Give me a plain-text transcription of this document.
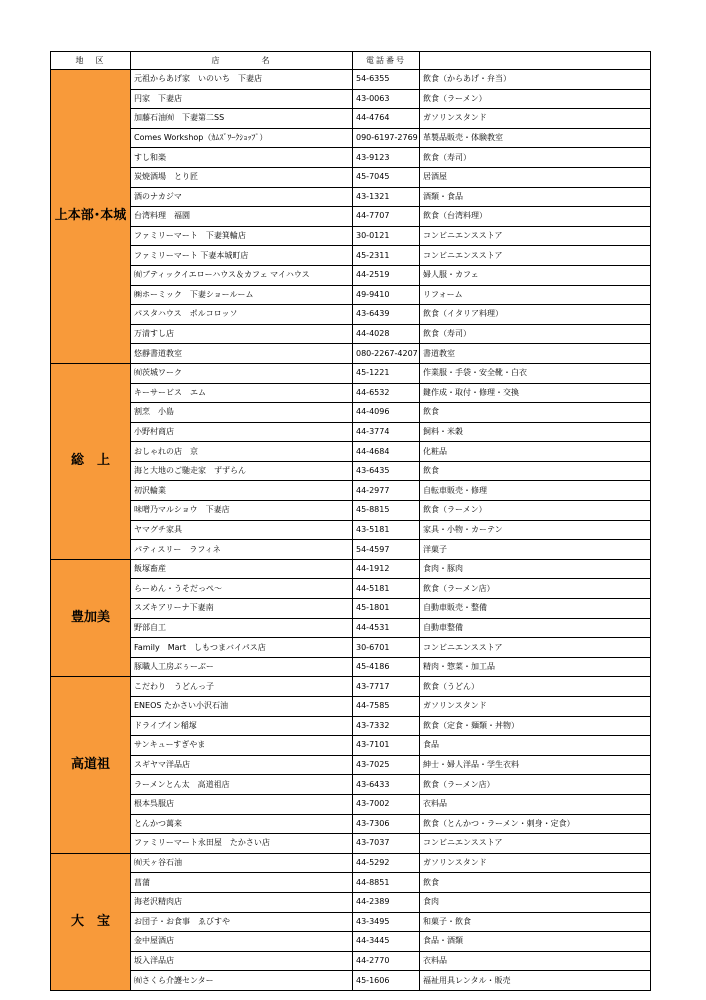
地　区	店　　　　名	電話番号	
上本部･本城	元祖からあげ家　いのいち　下妻店	54-6355	飲食（からあげ・弁当）
	円家　下妻店	43-0063	飲食（ラーメン）
	加藤石油㈲　下妻第二SS	44-4764	ガソリンスタンド
	Comes Workshop（ｶﾑｽﾞﾜｰｸｼｮｯﾌﾟ）	090-6197-2769	革製品販売・体験教室
	すし和楽	43-9123	飲食（寿司）
	炭焼酒場　とり匠	45-7045	居酒屋
	酒のナカジマ	43-1321	酒類・食品
	台湾料理　福園	44-7707	飲食（台湾料理）
	ファミリーマート　下妻箕輪店	30-0121	コンビニエンスストア
	ファミリーマート 下妻本城町店	45-2311	コンビニエンスストア
	㈲ブティックイエローハウス＆カフェ マイハウス	44-2519	婦人服・カフェ
	㈱ホーミック　下妻ショールーム	49-9410	リフォーム
	パスタハウス　ポルコロッソ	43-6439	飲食（イタリア料理）
	万清すし店	44-4028	飲食（寿司）
	悠靜書道教室	080-2267-4207	書道教室
総　上	㈲茨城ワーク	45-1221	作業服・手袋・安全靴・白衣
	キーサービス　エム	44-6532	鍵作成・取付・修理・交換
	割烹　小島	44-4096	飲食
	小野村商店	44-3774	飼料・米穀
	おしゃれの店　京	44-4684	化粧品
	海と大地のご馳走家　ずずらん	43-6435	飲食
	初沢輪業	44-2977	自転車販売・修理
	味噌乃マルショウ　下妻店	45-8815	飲食（ラーメン）
	ヤマグチ家具	43-5181	家具・小物・カーテン
	パティスリー　ラフィネ	54-4597	洋菓子
豊加美	飯塚畜産	44-1912	食肉・豚肉
	らーめん・うそだっぺ～	44-5181	飲食（ラーメン店）
	スズキアリーナ下妻南	45-1801	自動車販売・整備
	野部自工	44-4531	自動車整備
	Family　Mart　しもつまバイパス店	30-6701	コンビニエンスストア
	豚職人工房ぶぅーぶー	45-4186	精肉・惣菜・加工品
高道祖	こだわり　うどんっ子	43-7717	飲食（うどん）
	ENEOS たかさい小沢石油	44-7585	ガソリンスタンド
	ドライブイン稲塚	43-7332	飲食（定食・麺類・丼物）
	サンキューすぎやま	43-7101	食品
	スギヤマ洋品店	43-7025	紳士・婦人洋品・学生衣料
	ラーメンとん太　高道祖店	43-6433	飲食（ラーメン店）
	根本呉服店	43-7002	衣料品
	とんかつ萬来	43-7306	飲食（とんかつ・ラーメン・刺身・定食）
	ファミリーマート永田屋　たかさい店	43-7037	コンビニエンスストア
大　宝	㈲天ヶ谷石油	44-5292	ガソリンスタンド
	菖蒲	44-8851	飲食
	海老沢精肉店	44-2389	食肉
	お団子・お食事　ゑびすや	43-3495	和菓子・飲食
	金中屋酒店	44-3445	食品・酒類
	坂入洋品店	44-2770	衣料品
	㈲さくら介護センター	45-1606	福祉用具レンタル・販売
